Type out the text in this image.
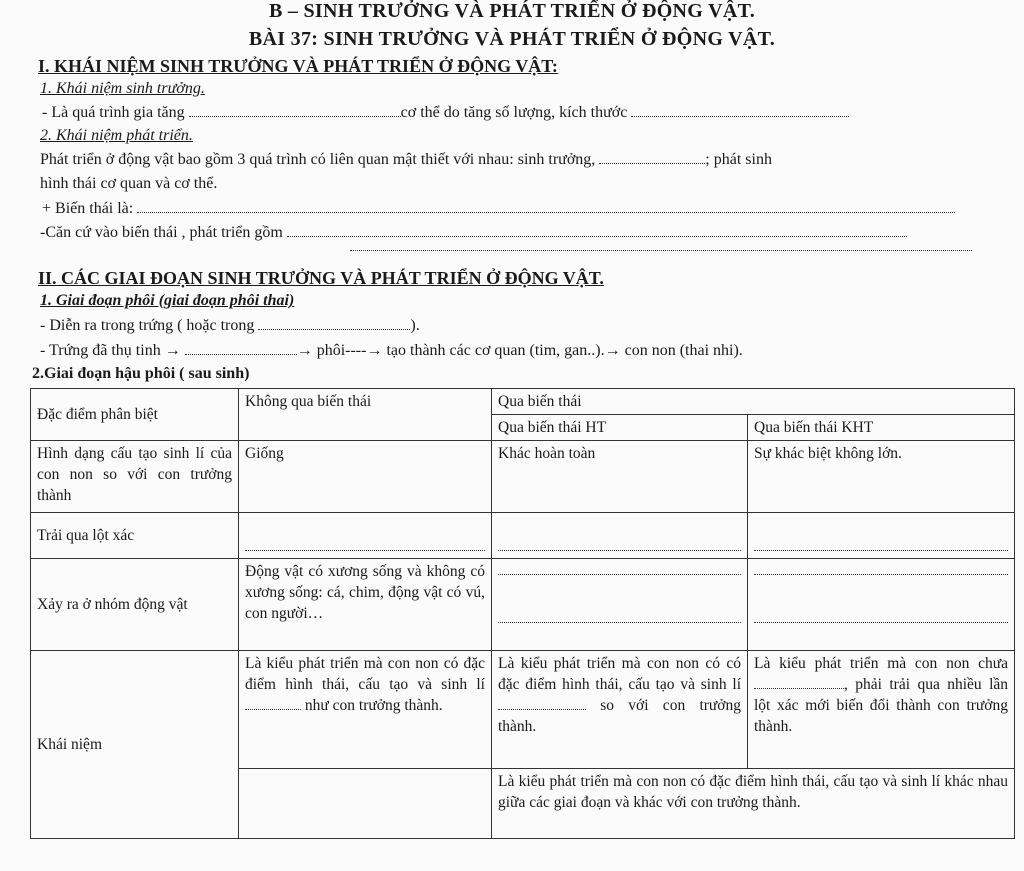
B – SINH TRƯỞNG VÀ PHÁT TRIỂN Ở ĐỘNG VẬT.
BÀI 37: SINH TRƯỞNG VÀ PHÁT TRIỂN Ở ĐỘNG VẬT.
I. KHÁI NIỆM SINH TRƯỞNG VÀ PHÁT TRIỂN Ở ĐỘNG VẬT:
1. Khái niệm sinh trưởng.
- Là quá trình gia tăng	cơ thể do tăng số lượng, kích thước
2. Khái niệm phát triển.
Phát triển ở động vật bao gồm 3 quá trình có liên quan mật thiết với nhau: sinh trưởng,	; phát sinh
hình thái cơ quan và cơ thể.
+ Biến thái là:
-Căn cứ vào biến thái , phát triển gồm
II. CÁC GIAI ĐOẠN SINH TRƯỞNG VÀ PHÁT TRIỂN Ở ĐỘNG VẬT.
1. Giai đoạn phôi (giai đoạn phôi thai)
- Diễn ra trong trứng ( hoặc trong	).
- Trứng đã thụ tinh →	→ phôi----→ tạo thành các cơ quan (tim, gan..).→ con non (thai nhi).
2.Giai đoạn hậu phôi ( sau sinh)
Đặc điểm phân biệt	Không qua biến thái	Qua biến thái	
		Qua biến thái HT	Qua biến thái KHT
Hình dạng cấu tạo sinh lí của con non so với con trưởng thành	Giống	Khác hoàn toàn	Sự khác biệt không lớn.
Trải qua lột xác	

Xảy ra ở nhóm động vật	Động vật có xương sống và không có xương sống: cá, chim, động vật có vú, con người…	

Khái niệm	Là kiểu phát triển mà con non có đặc điểm hình thái, cấu tạo và sinh lí  như con trưởng thành.	Là kiểu phát triển mà con non có có đặc điểm hình thái, cấu tạo và sinh lí  so với con trưởng thành.	Là kiểu phát triển mà con non chưa, phải trải qua nhiều lần lột xác mới biến đổi thành con trưởng thành.
		Là kiểu phát triển mà con non có đặc điểm hình thái, cấu tạo và sinh lí khác nhau giữa các giai đoạn và khác với con trưởng thành.	
